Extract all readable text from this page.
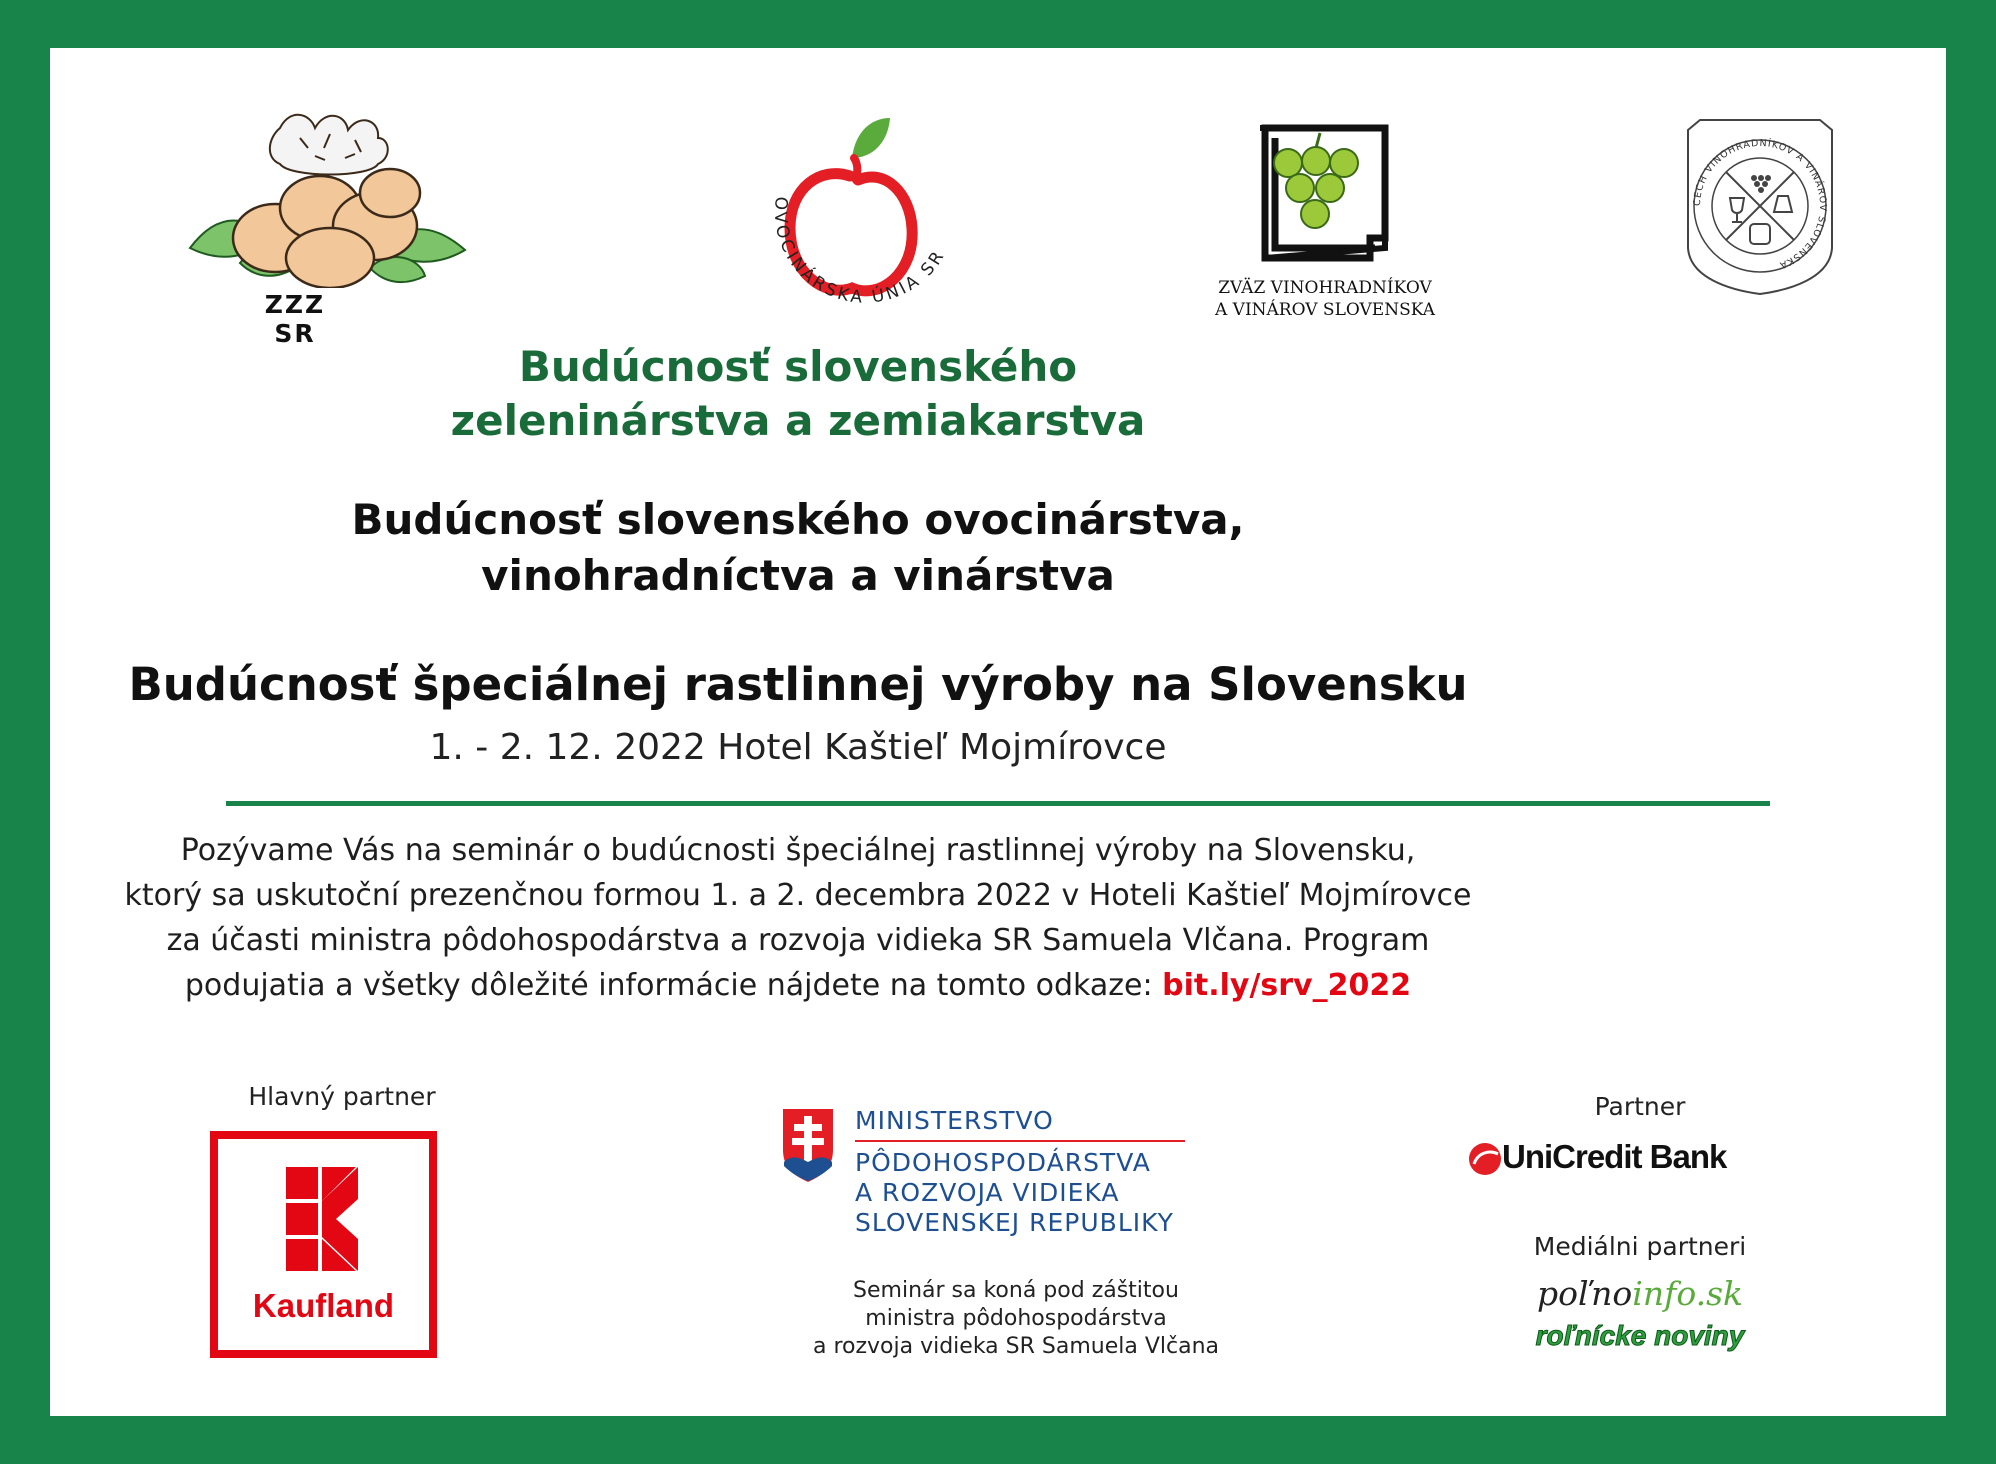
ZZZ SR
OVOCINÁRSKA ÚNIA SR
ZVÄZ VINOHRADNÍKOV
A VINÁROV SLOVENSKA
CECH VINOHRADNÍKOV A VINÁROV SLOVENSKA
Budúcnosť slovenského
zeleninárstva a zemiakarstva
Budúcnosť slovenského ovocinárstva,
vinohradníctva a vinárstva
Budúcnosť špeciálnej rastlinnej výroby na Slovensku
1. - 2. 12. 2022 Hotel Kaštieľ Mojmírovce
Pozývame Vás na seminár o budúcnosti špeciálnej rastlinnej výroby na Slovensku,
ktorý sa uskutoční prezenčnou formou 1. a 2. decembra 2022 v Hoteli Kaštieľ Mojmírovce
za účasti ministra pôdohospodárstva a rozvoja vidieka SR Samuela Vlčana. Program
podujatia a všetky dôležité informácie nájdete na tomto odkaze: bit.ly/srv_2022
Hlavný partner
Kaufland
MINISTERSTVO
PÔDOHOSPODÁRSTVA
A ROZVOJA VIDIEKA
SLOVENSKEJ REPUBLIKY
Seminár sa koná pod záštitou
ministra pôdohospodárstva
a rozvoja vidieka SR Samuela Vlčana
Partner
UniCredit Bank
Mediálni partneri
poľnoinfo.sk
roľnícke noviny
